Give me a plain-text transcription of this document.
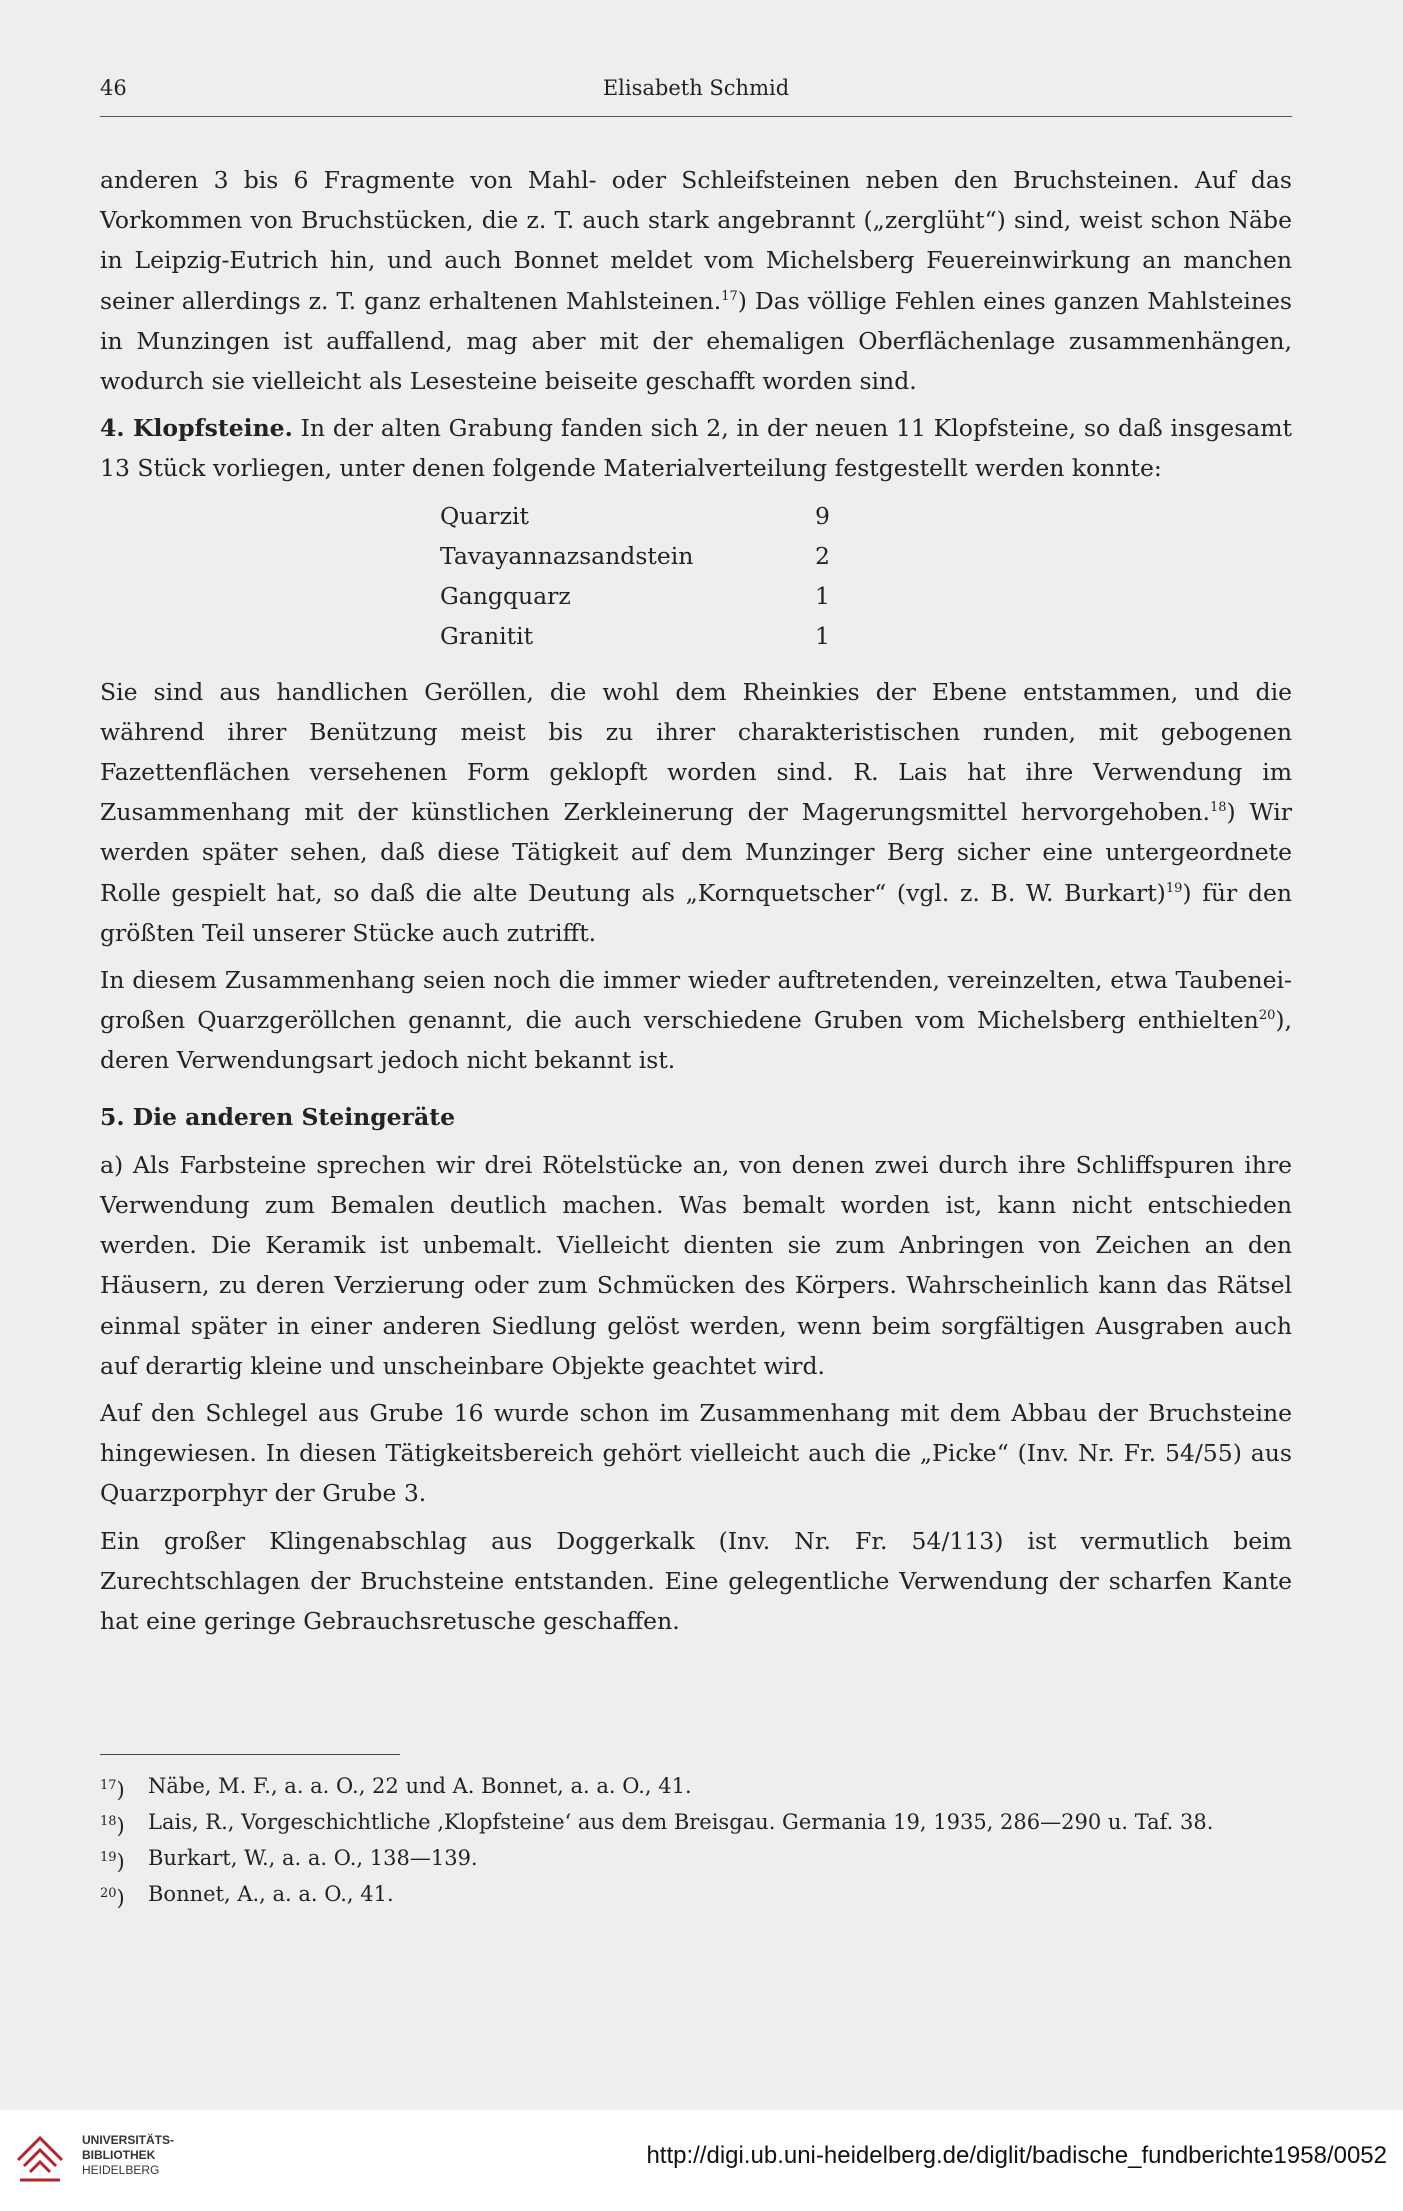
46	Elisabeth Schmid

anderen 3 bis 6 Fragmente von Mahl- oder Schleifsteinen neben den Bruchsteinen. Auf das Vorkommen von Bruchstücken, die z. T. auch stark angebrannt („zerglüht“) sind, weist schon Näbe in Leipzig-Eutrich hin, und auch Bonnet meldet vom Michelsberg Feuereinwirkung an manchen seiner allerdings z. T. ganz erhaltenen Mahlsteinen.$^{17}$) Das völlige Fehlen eines ganzen Mahlsteines in Munzingen ist auffallend, mag aber mit der ehemaligen Oberflächenlage zusammenhängen, wodurch sie vielleicht als Lesesteine beiseite geschafft worden sind.

4. Klopfsteine. In der alten Grabung fanden sich 2, in der neuen 11 Klopfsteine, so daß insgesamt 13 Stück vorliegen, unter denen folgende Materialverteilung festgestellt werden konnte:

Quarzit	9
Tavayannazsandstein	2
Gangquarz	1
Granitit	1

Sie sind aus handlichen Geröllen, die wohl dem Rheinkies der Ebene entstammen, und die während ihrer Benützung meist bis zu ihrer charakteristischen runden, mit gebogenen Fazettenflächen versehenen Form geklopft worden sind. R. Lais hat ihre Verwendung im Zusammenhang mit der künstlichen Zerkleinerung der Magerungsmittel hervorgehoben.$^{18}$) Wir werden später sehen, daß diese Tätigkeit auf dem Munzinger Berg sicher eine untergeordnete Rolle gespielt hat, so daß die alte Deutung als „Kornquetscher“ (vgl. z. B. W. Burkart)$^{19}$) für den größten Teil unserer Stücke auch zutrifft.

In diesem Zusammenhang seien noch die immer wieder auftretenden, vereinzelten, etwa Taubenei-großen Quarzgeröllchen genannt, die auch verschiedene Gruben vom Michelsberg enthielten$^{20}$), deren Verwendungsart jedoch nicht bekannt ist.

5. Die anderen Steingeräte

a) Als Farbsteine sprechen wir drei Rötelstücke an, von denen zwei durch ihre Schliffspuren ihre Verwendung zum Bemalen deutlich machen. Was bemalt worden ist, kann nicht entschieden werden. Die Keramik ist unbemalt. Vielleicht dienten sie zum Anbringen von Zeichen an den Häusern, zu deren Verzierung oder zum Schmücken des Körpers. Wahrscheinlich kann das Rätsel einmal später in einer anderen Siedlung gelöst werden, wenn beim sorgfältigen Ausgraben auch auf derartig kleine und unscheinbare Objekte geachtet wird.

Auf den Schlegel aus Grube 16 wurde schon im Zusammenhang mit dem Abbau der Bruchsteine hingewiesen. In diesen Tätigkeitsbereich gehört vielleicht auch die „Picke“ (Inv. Nr. Fr. 54/55) aus Quarzporphyr der Grube 3.

Ein großer Klingenabschlag aus Doggerkalk (Inv. Nr. Fr. 54/113) ist vermutlich beim Zurechtschlagen der Bruchsteine entstanden. Eine gelegentliche Verwendung der scharfen Kante hat eine geringe Gebrauchsretusche geschaffen.

$^{17}$)	Näbe, M. F., a. a. O., 22 und A. Bonnet, a. a. O., 41.
$^{18}$)	Lais, R., Vorgeschichtliche ‚Klopfsteine‘ aus dem Breisgau. Germania 19, 1935, 286—290 u. Taf. 38.
$^{19}$)	Burkart, W., a. a. O., 138—139.
$^{20}$)	Bonnet, A., a. a. O., 41.
UNIVERSITÄTS-
BIBLIOTHEK
HEIDELBERG
http://digi.ub.uni-heidelberg.de/diglit/badische_fundberichte1958/0052
